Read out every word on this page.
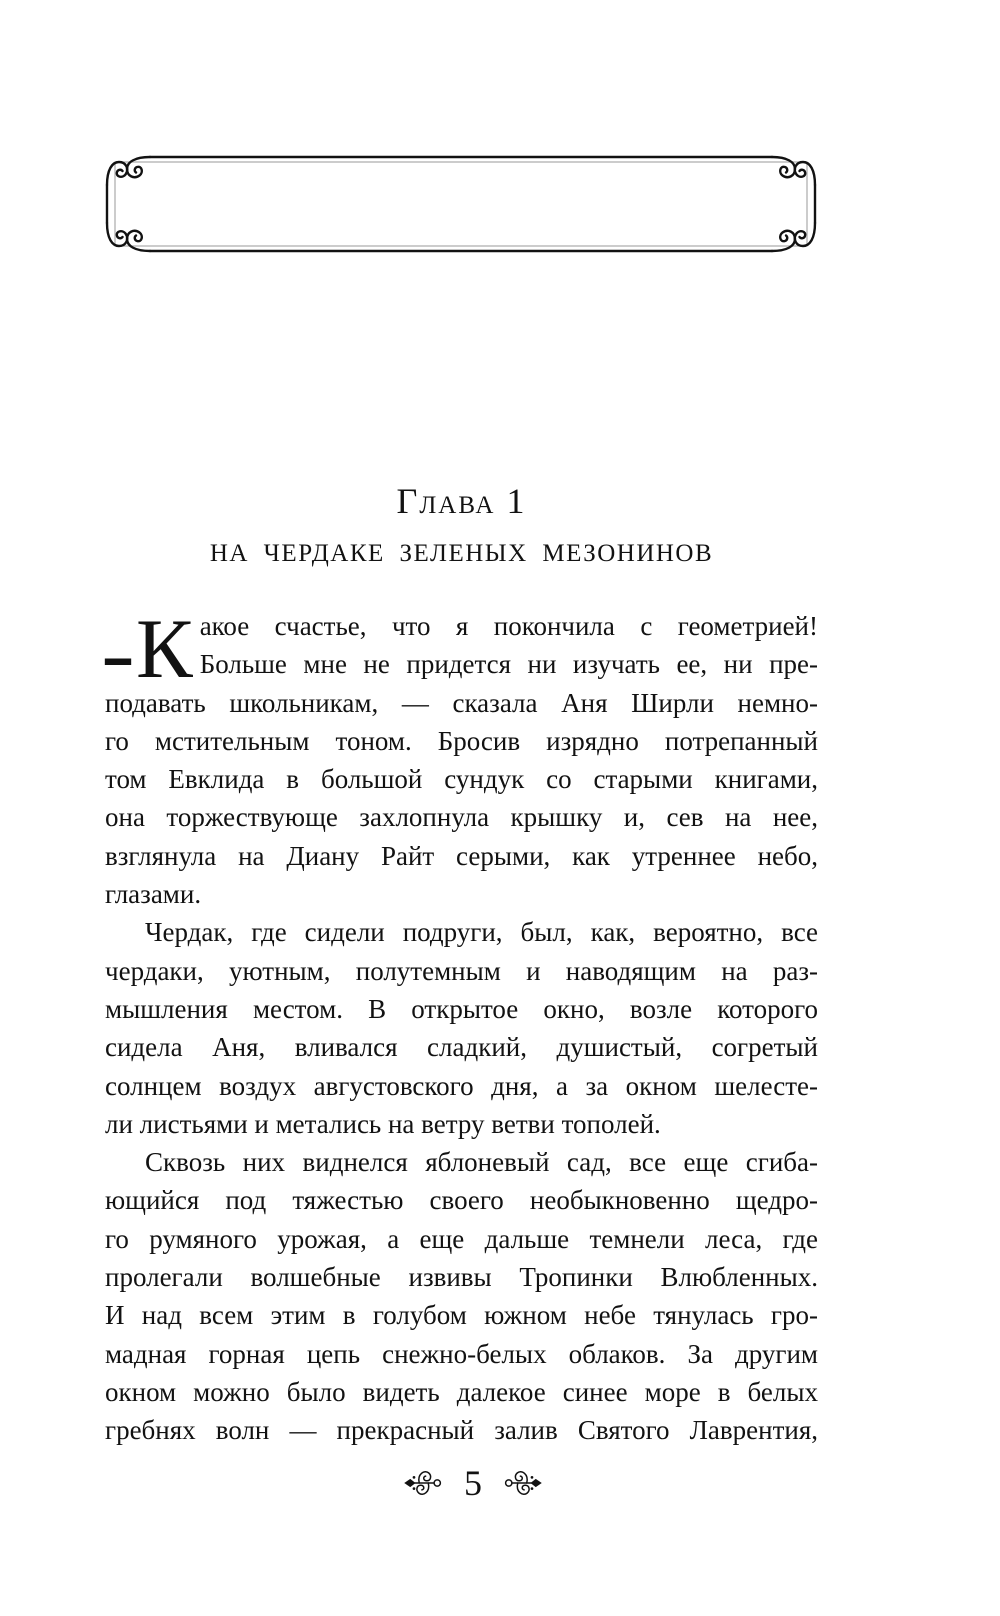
Глава 1
НА ЧЕРДАКЕ ЗЕЛЕНЫХ МЕЗОНИНОВ
— К акое счастье, что я покончила с геометрией!
Больше мне не придется ни изучать ее, ни пре-
подавать школьникам, — сказала Аня Ширли немно-
го мстительным тоном. Бросив изрядно потрепанный
том Евклида в большой сундук со старыми книгами,
она торжествующе захлопнула крышку и, сев на нее,
взглянула на Диану Райт серыми, как утреннее небо,
глазами.
Чердак, где сидели подруги, был, как, вероятно, все
чердаки, уютным, полутемным и наводящим на раз-
мышления местом. В открытое окно, возле которого
сидела Аня, вливался сладкий, душистый, согретый
солнцем воздух августовского дня, а за окном шелесте-
ли листьями и метались на ветру ветви тополей.
Сквозь них виднелся яблоневый сад, все еще сгиба-
ющийся под тяжестью своего необыкновенно щедро-
го румяного урожая, а еще дальше темнели леса, где
пролегали волшебные извивы Тропинки Влюбленных.
И над всем этим в голубом южном небе тянулась гро-
мадная горная цепь снежно-белых облаков. За другим
окном можно было видеть далекое синее море в белых
гребнях волн — прекрасный залив Святого Лаврентия,
5
